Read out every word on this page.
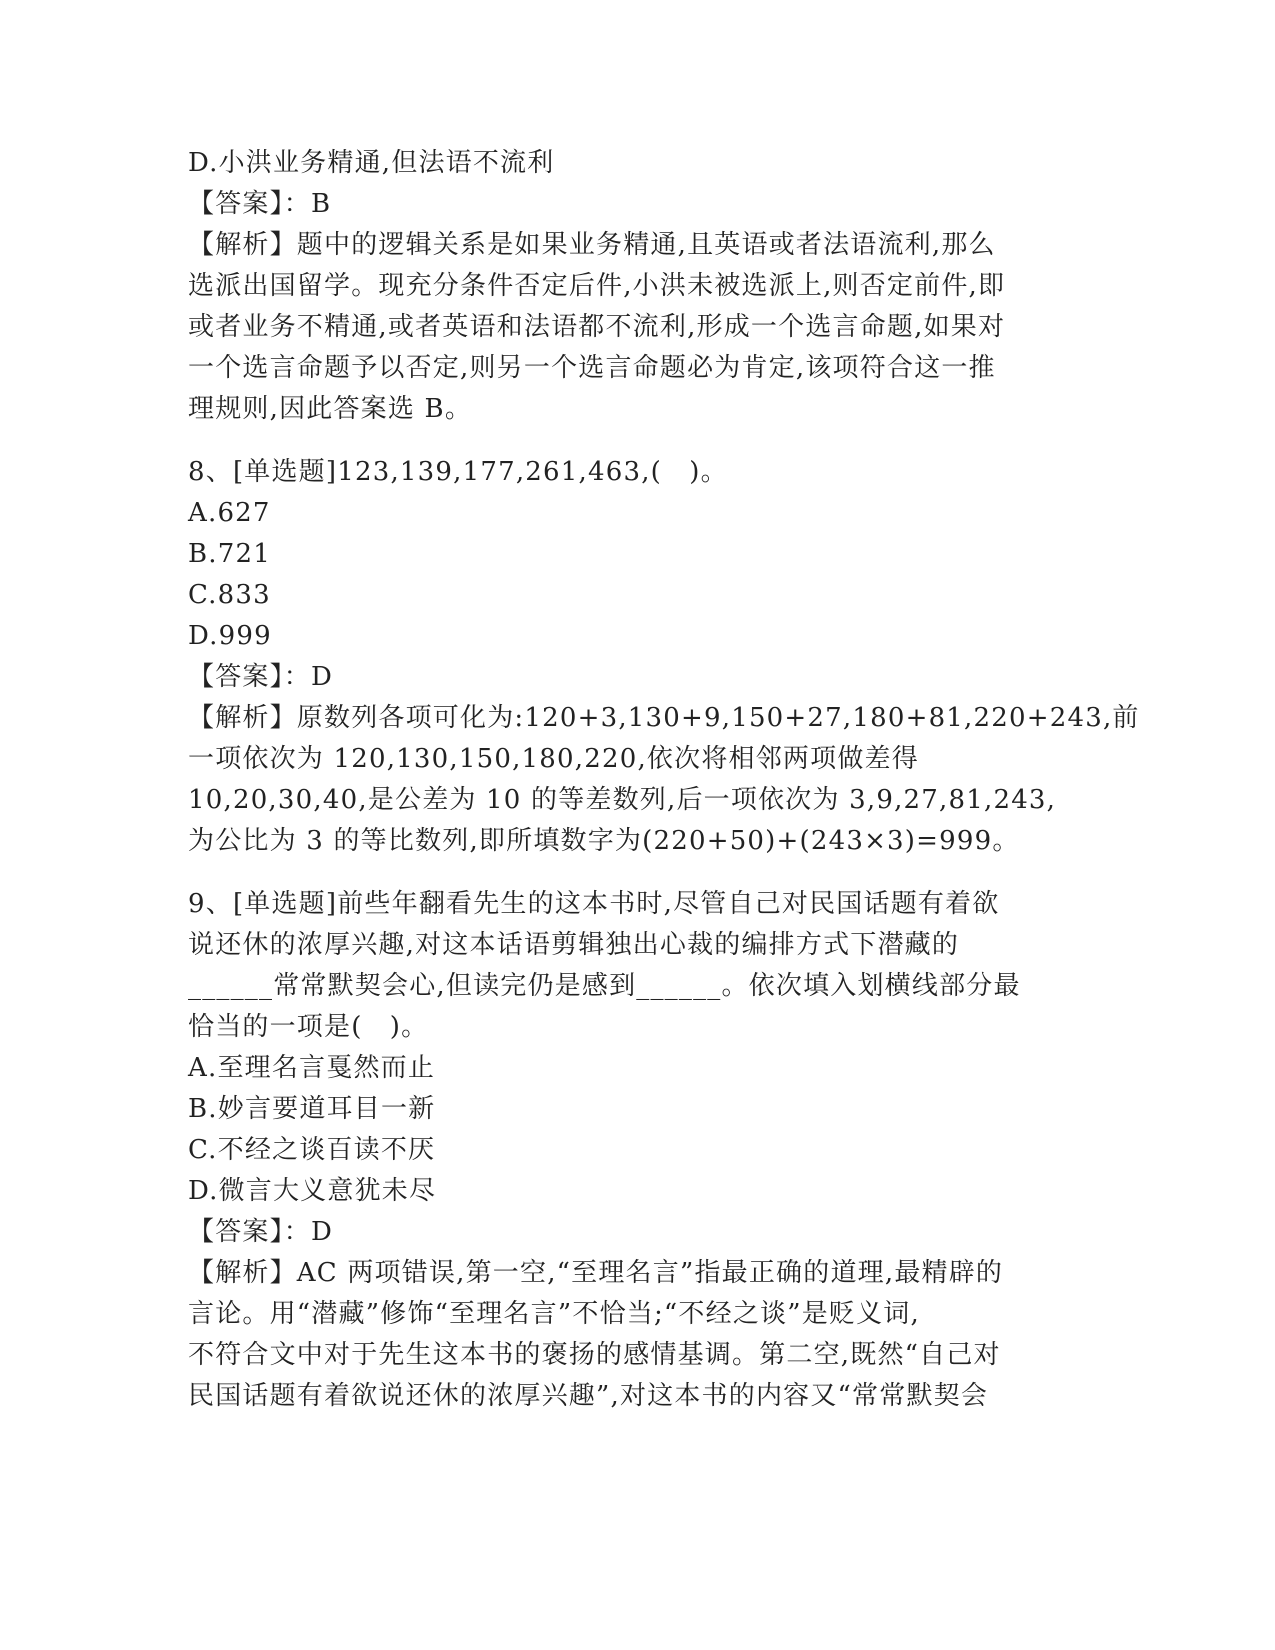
D.小洪业务精通,但法语不流利
【答案】：B
【解析】题中的逻辑关系是如果业务精通,且英语或者法语流利,那么
选派出国留学。现充分条件否定后件,小洪未被选派上,则否定前件,即
或者业务不精通,或者英语和法语都不流利,形成一个选言命题,如果对
一个选言命题予以否定,则另一个选言命题必为肯定,该项符合这一推
理规则,因此答案选 B。
8、[单选题]123,139,177,261,463,(　)。
A.627
B.721
C.833
D.999
【答案】：D
【解析】原数列各项可化为:120+3,130+9,150+27,180+81,220+243,前
一项依次为 120,130,150,180,220,依次将相邻两项做差得
10,20,30,40,是公差为 10 的等差数列,后一项依次为 3,9,27,81,243,
为公比为 3 的等比数列,即所填数字为(220+50)+(243×3)=999。
9、[单选题]前些年翻看先生的这本书时,尽管自己对民国话题有着欲
说还休的浓厚兴趣,对这本话语剪辑独出心裁的编排方式下潜藏的
______常常默契会心,但读完仍是感到______。依次填入划横线部分最
恰当的一项是(　)。
A.至理名言戛然而止
B.妙言要道耳目一新
C.不经之谈百读不厌
D.微言大义意犹未尽
【答案】：D
【解析】AC 两项错误,第一空,“至理名言”指最正确的道理,最精辟的
言论。用“潜藏”修饰“至理名言”不恰当;“不经之谈”是贬义词,
不符合文中对于先生这本书的褒扬的感情基调。第二空,既然“自己对
民国话题有着欲说还休的浓厚兴趣”,对这本书的内容又“常常默契会
